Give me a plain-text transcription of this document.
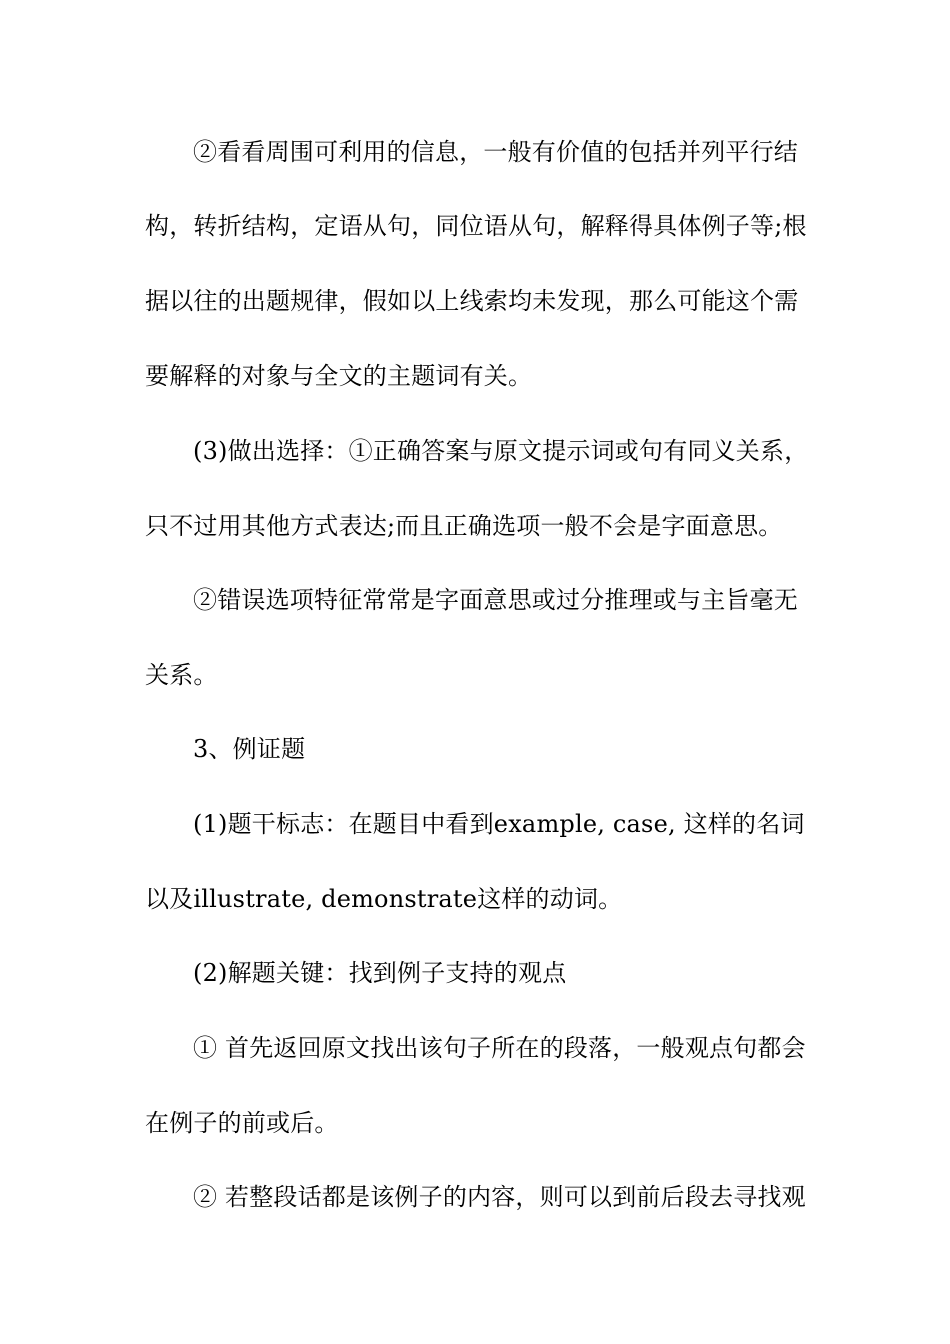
②看看周围可利用的信息，一般有价值的包括并列平行结
构，转折结构，定语从句，同位语从句，解释得具体例子等;根
据以往的出题规律，假如以上线索均未发现，那么可能这个需
要解释的对象与全文的主题词有关。
(3)做出选择：①正确答案与原文提示词或句有同义关系，
只不过用其他方式表达;而且正确选项一般不会是字面意思。
②错误选项特征常常是字面意思或过分推理或与主旨毫无
关系。
3、例证题
(1)题干标志：在题目中看到example, case, 这样的名词
以及illustrate, demonstrate这样的动词。
(2)解题关键：找到例子支持的观点
① 首先返回原文找出该句子所在的段落，一般观点句都会
在例子的前或后。
② 若整段话都是该例子的内容，则可以到前后段去寻找观
